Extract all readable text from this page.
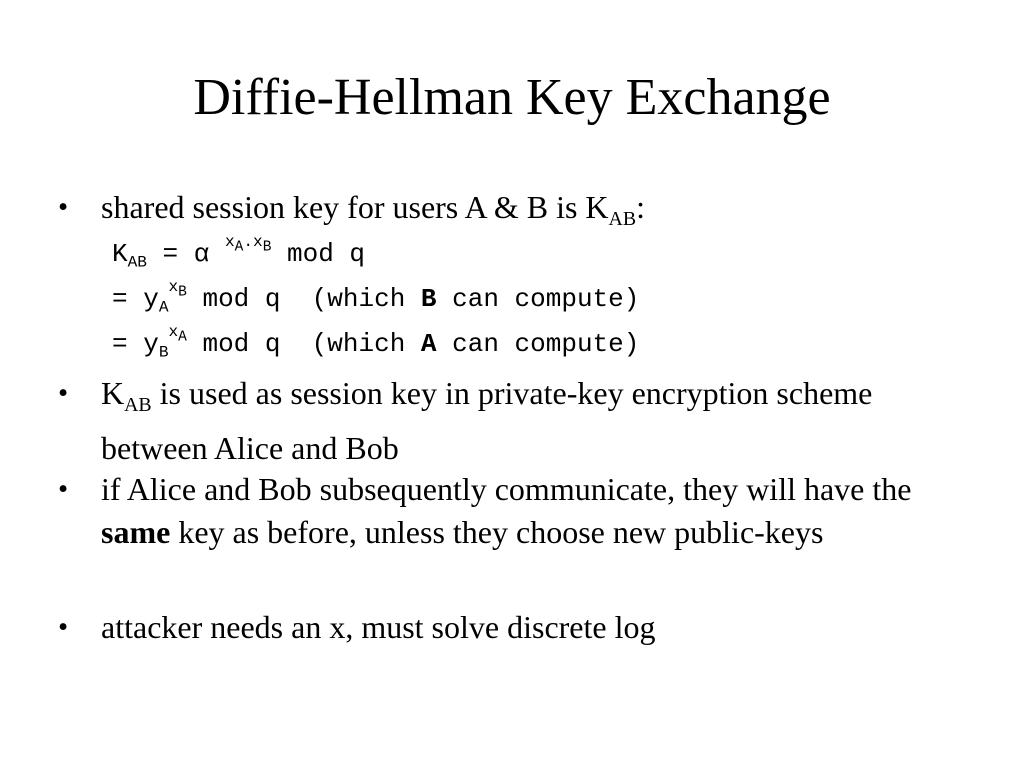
Diffie-Hellman Key Exchange
• shared session key for users A & B is $K_{AB}$:
$K_{AB} = \alpha$ $^{xA.xB}$ mod q
= $y_A^{xB}$ mod q  (which B can compute)
= $y_B^{xA}$ mod q  (which A can compute)
• $K_{AB}$ is used as session key in private-key encryption scheme between Alice and Bob
• if Alice and Bob subsequently communicate, they will have the same key as before, unless they choose new public-keys
• attacker needs an x, must solve discrete log
